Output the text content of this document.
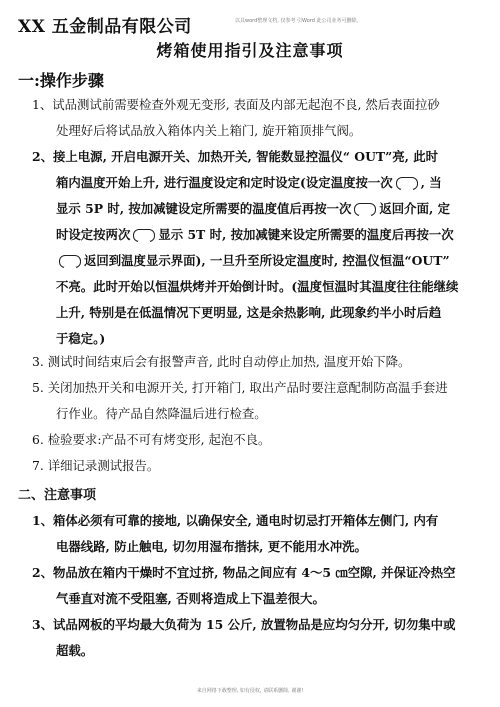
XX 五金制品有限公司	以具word整理文档, 仅参考 引Word 此公司业务可删除。
烤箱使用指引及注意事项
一:操作步骤
1、试品测试前需要检查外观无变形, 表面及内部无起泡不良, 然后表面拉砂
处理好后将试品放入箱体内关上箱门, 旋开箱顶排气阀。
2、接上电源, 开启电源开关、加热开关, 智能数显控温仪“ OUT”亮, 此时
箱内温度开始上升, 进行温度设定和定时设定(设定温度按一次 , 当
显示 5P 时, 按加减键设定所需要的温度值后再按一次 返回介面, 定
时设定按两次 显示 5T 时, 按加减键来设定所需要的温度后再按一次
返回到温度显示界面), 一旦升至所设定温度时, 控温仪恒温“OUT”
不亮。此时开始以恒温烘烤并开始倒计时。(温度恒温时其温度往往能继续
上升, 特别是在低温情况下更明显, 这是余热影响, 此现象约半小时后趋
于稳定。)
3. 测试时间结束后会有报警声音, 此时自动停止加热, 温度开始下降。
5. 关闭加热开关和电源开关, 打开箱门, 取出产品时要注意配制防高温手套进
行作业。待产品自然降温后进行检查。
6. 检验要求:产品不可有烤变形, 起泡不良。
7. 详细记录测试报告。
二、注意事项
1、箱体必须有可靠的接地, 以确保安全, 通电时切忌打开箱体左侧门, 内有
电器线路, 防止触电, 切勿用湿布揩抹, 更不能用水冲洗。
2、物品放在箱内干燥时不宜过挤, 物品之间应有 4～5 ㎝空隙, 并保证冷热空
气垂直对流不受阻塞, 否则将造成上下温差很大。
3、试品网板的平均最大负荷为 15 公斤, 放置物品是应均匀分开, 切勿集中或
超载。
来自网络下载整理, 如有侵权, 请联系删除, 谢谢!
